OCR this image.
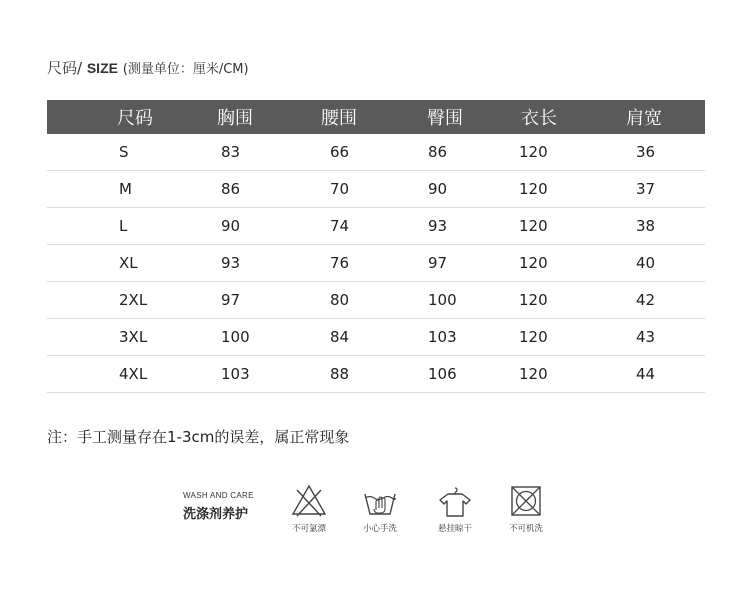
尺码/ SIZE (测量单位：厘米/CM)
尺码	胸围	腰围	臀围	衣长	肩宽
S	83	66	86	120	36
M	86	70	90	120	37
L	90	74	93	120	38
XL	93	76	97	120	40
2XL	97	80	100	120	42
3XL	100	84	103	120	43
4XL	103	88	106	120	44
注：手工测量存在1-3cm的误差，属正常现象
WASH AND CARE
洗涤剂养护
不可氯漂	小心手洗	悬挂晾干	不可机洗
